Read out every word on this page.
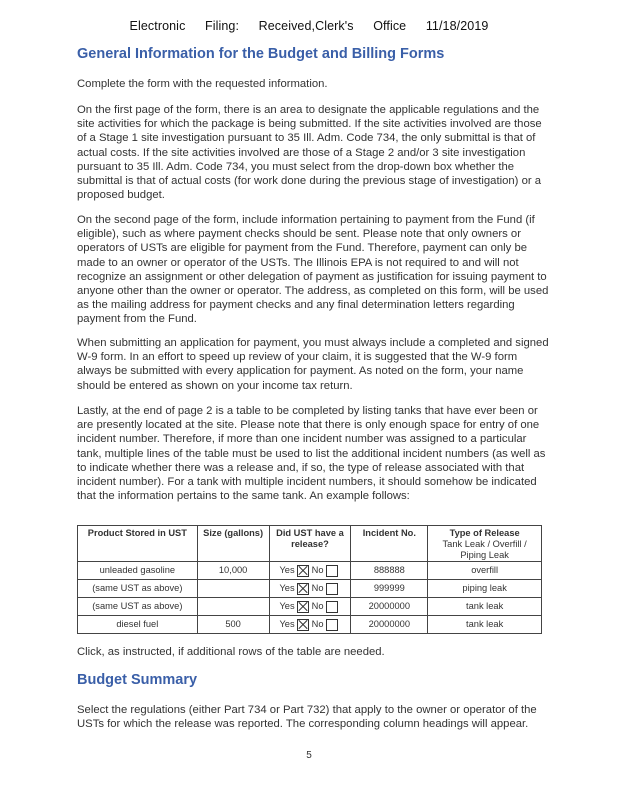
Electronic Filing: Received,Clerk's Office 11/18/2019
General Information for the Budget and Billing Forms

Complete the form with the requested information.

On the first page of the form, there is an area to designate the applicable regulations and the site activities for which the package is being submitted. If the site activities involved are those of a Stage 1 site investigation pursuant to 35 Ill. Adm. Code 734, the only submittal is that of actual costs. If the site activities involved are those of a Stage 2 and/or 3 site investigation pursuant to 35 Ill. Adm. Code 734, you must select from the drop-down box whether the submittal is that of actual costs (for work done during the previous stage of investigation) or a proposed budget.

On the second page of the form, include information pertaining to payment from the Fund (if eligible), such as where payment checks should be sent. Please note that only owners or operators of USTs are eligible for payment from the Fund. Therefore, payment can only be made to an owner or operator of the USTs. The Illinois EPA is not required to and will not recognize an assignment or other delegation of payment as justification for issuing payment to anyone other than the owner or operator. The address, as completed on this form, will be used as the mailing address for payment checks and any final determination letters regarding payment from the Fund.

When submitting an application for payment, you must always include a completed and signed W-9 form. In an effort to speed up review of your claim, it is suggested that the W-9 form always be submitted with every application for payment. As noted on the form, your name should be entered as shown on your income tax return.

Lastly, at the end of page 2 is a table to be completed by listing tanks that have ever been or are presently located at the site. Please note that there is only enough space for entry of one incident number. Therefore, if more than one incident number was assigned to a particular tank, multiple lines of the table must be used to list the additional incident numbers (as well as to indicate whether there was a release and, if so, the type of release associated with that incident number). For a tank with multiple incident numbers, it should somehow be indicated that the information pertains to the same tank. An example follows:

Product Stored in UST	Size (gallons)	Did UST have a release?	Incident No.	Type of Release
Tank Leak / Overfill / Piping Leak
unleaded gasoline	10,000	Yes No	888888	overfill
(same UST as above)		Yes No	999999	piping leak
(same UST as above)		Yes No	20000000	tank leak
diesel fuel	500	Yes No	20000000	tank leak

Click, as instructed, if additional rows of the table are needed.

Budget Summary

Select the regulations (either Part 734 or Part 732) that apply to the owner or operator of the USTs for which the release was reported. The corresponding column headings will appear.

5
